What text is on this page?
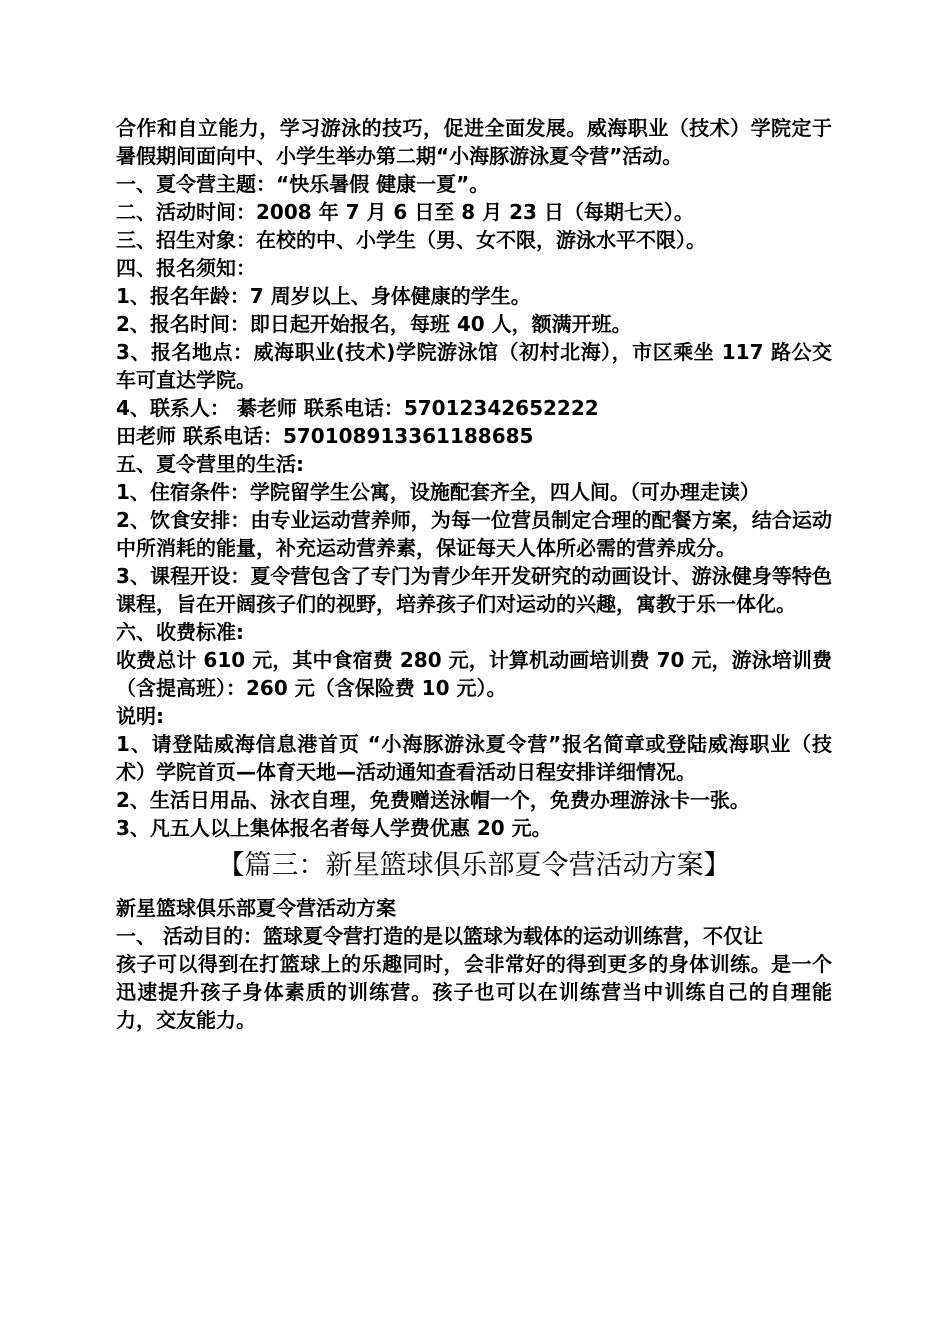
合作和自立能力，学习游泳的技巧，促进全面发展。威海职业（技术）学院定于暑假期间面向中、小学生举办第二期“小海豚游泳夏令营”活动。

一、夏令营主题：“快乐暑假 健康一夏”。

二、活动时间：2008 年 7 月 6 日至 8 月 23 日（每期七天）。

三、招生对象：在校的中、小学生（男、女不限，游泳水平不限）。

四、报名须知：

1、报名年龄：7 周岁以上、身体健康的学生。

2、报名时间：即日起开始报名，每班 40 人，额满开班。

3、报名地点：威海职业(技术)学院游泳馆（初村北海），市区乘坐 117 路公交车可直达学院。

4、联系人： 綦老师 联系电话：57012342652222

田老师 联系电话：57010891336118868​5

五、夏令营里的生活:

1、住宿条件：学院留学生公寓，设施配套齐全，四人间。（可办理走读）

2、饮食安排：由专业运动营养师，为每一位营员制定合理的配餐方案，结合运动中所消耗的能量，补充运动营养素，保证每天人体所必需的营养成分。

3、课程开设：夏令营包含了专门为青少年开发研究的动画设计、游泳健身等特色课程，旨在开阔孩子们的视野，培养孩子们对运动的兴趣，寓教于乐一体化。

六、收费标准:

收费总计 610 元，其中食宿费 280 元，计算机动画培训费 70 元，游泳培训费（含提高班）：260 元（含保险费 10 元）。

说明:

1、请登陆威海信息港首页 “小海豚游泳夏令营”报名简章或登陆威海职业（技术）学院首页—体育天地—活动通知查看活动日程安排详细情况。

2、生活日用品、泳衣自理，免费赠送泳帽一个，免费办理游泳卡一张。

3、凡五人以上集体报名者每人学费优惠 20 元。

【篇三：新星篮球俱乐部夏令营活动方案】

新星篮球俱乐部夏令营活动方案

一、 活动目的：篮球夏令营打造的是以篮球为载体的运动训练营，不仅让

孩子可以得到在打篮球上的乐趣同时，会非常好的得到更多的身体训练。是一个迅速提升孩子身体素质的训练营。孩子也可以在训练营当中训练自己的自理能力，交友能力。
